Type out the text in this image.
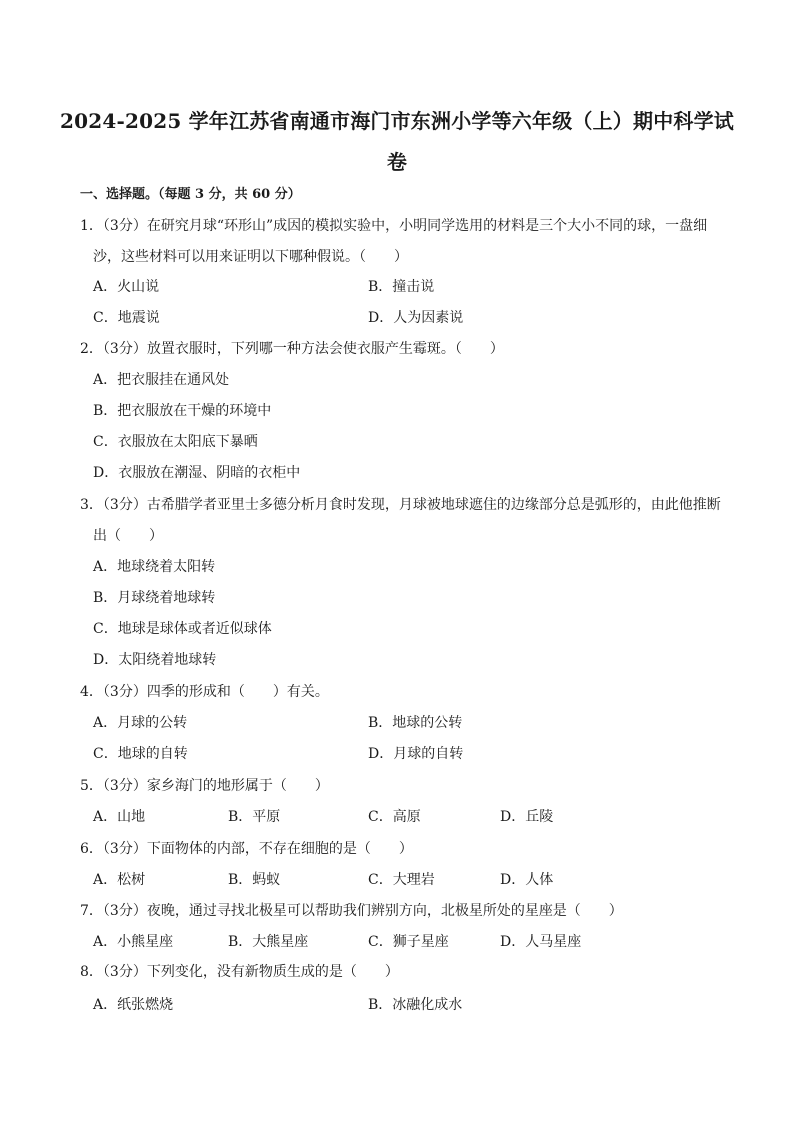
2024-2025 学年江苏省南通市海门市东洲小学等六年级（上）期中科学试
卷
一、选择题。（每题 3 分，共 60 分）
1．（3分）在研究月球“环形山”成因的模拟实验中，小明同学选用的材料是三个大小不同的球，一盘细
沙，这些材料可以用来证明以下哪种假说。（　　）
A．火山说	B．撞击说
C．地震说	D．人为因素说
2．（3分）放置衣服时，下列哪一种方法会使衣服产生霉斑。（　　）
A．把衣服挂在通风处
B．把衣服放在干燥的环境中
C．衣服放在太阳底下暴晒
D．衣服放在潮湿、阴暗的衣柜中
3．（3分）古希腊学者亚里士多德分析月食时发现，月球被地球遮住的边缘部分总是弧形的，由此他推断
出（　　）
A．地球绕着太阳转
B．月球绕着地球转
C．地球是球体或者近似球体
D．太阳绕着地球转
4．（3分）四季的形成和（　　）有关。
A．月球的公转	B．地球的公转
C．地球的自转	D．月球的自转
5．（3分）家乡海门的地形属于（　　）
A．山地	B．平原	C．高原	D．丘陵
6．（3分）下面物体的内部，不存在细胞的是（　　）
A．松树	B．蚂蚁	C．大理岩	D．人体
7．（3分）夜晚，通过寻找北极星可以帮助我们辨别方向，北极星所处的星座是（　　）
A．小熊星座	B．大熊星座	C．狮子星座	D．人马星座
8．（3分）下列变化，没有新物质生成的是（　　）
A．纸张燃烧	B．冰融化成水
